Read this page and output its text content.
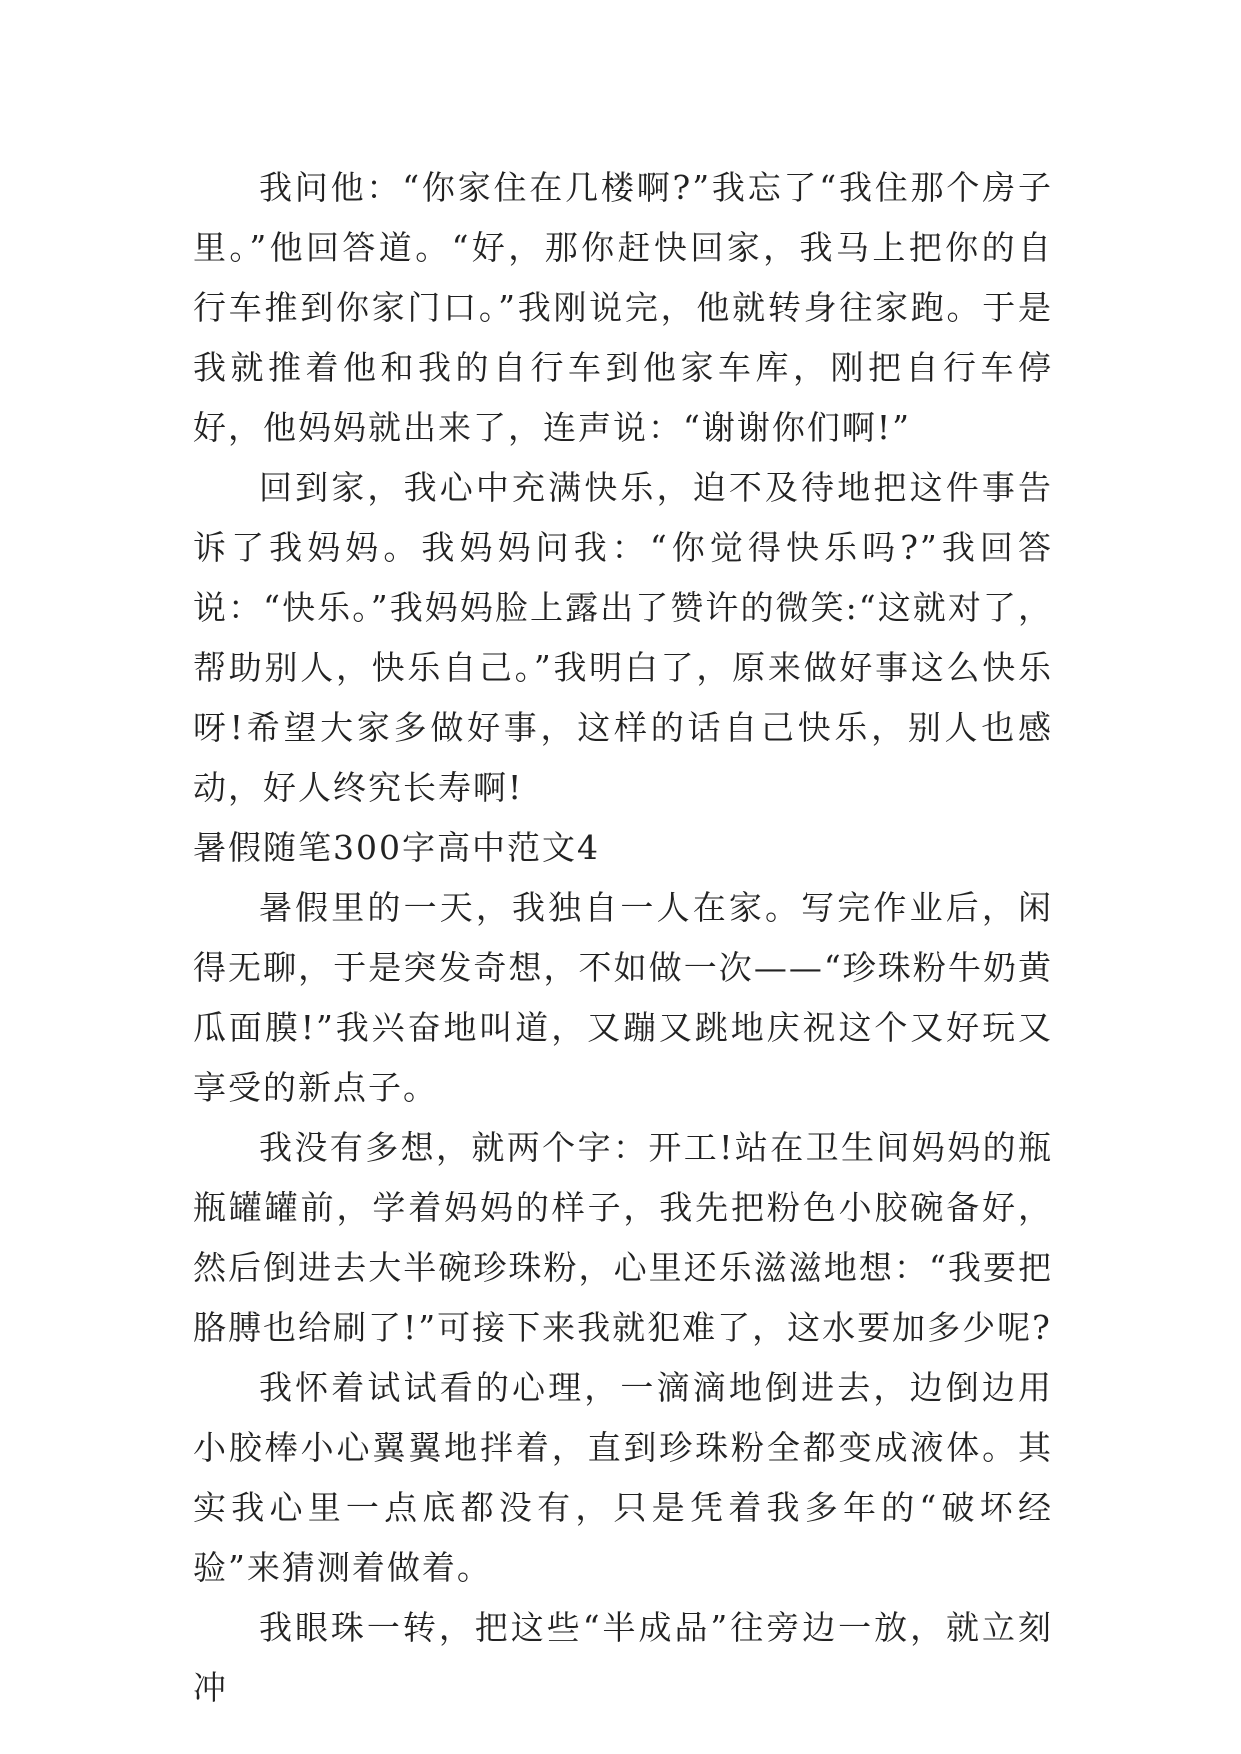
我问他：“你家住在几楼啊?”我忘了“我住那个房子里。”他回答道。“好，那你赶快回家，我马上把你的自行车推到你家门口。”我刚说完，他就转身往家跑。于是我就推着他和我的自行车到他家车库，刚把自行车停好，他妈妈就出来了，连声说：“谢谢你们啊!”

回到家，我心中充满快乐，迫不及待地把这件事告诉了我妈妈。我妈妈问我：“你觉得快乐吗?”我回答说：“快乐。”我妈妈脸上露出了赞许的微笑:“这就对了，帮助别人，快乐自己。”我明白了，原来做好事这么快乐呀!希望大家多做好事，这样的话自己快乐，别人也感动，好人终究长寿啊!

暑假随笔300字高中范文4

暑假里的一天，我独自一人在家。写完作业后，闲得无聊，于是突发奇想，不如做一次——“珍珠粉牛奶黄瓜面膜!”我兴奋地叫道，又蹦又跳地庆祝这个又好玩又享受的新点子。

我没有多想，就两个字：开工!站在卫生间妈妈的瓶瓶罐罐前，学着妈妈的样子，我先把粉色小胶碗备好，然后倒进去大半碗珍珠粉，心里还乐滋滋地想：“我要把胳膊也给刷了!”可接下来我就犯难了，这水要加多少呢?

我怀着试试看的心理，一滴滴地倒进去，边倒边用小胶棒小心翼翼地拌着，直到珍珠粉全都变成液体。其实我心里一点底都没有，只是凭着我多年的“破坏经验”来猜测着做着。

我眼珠一转，把这些“半成品”往旁边一放，就立刻冲
